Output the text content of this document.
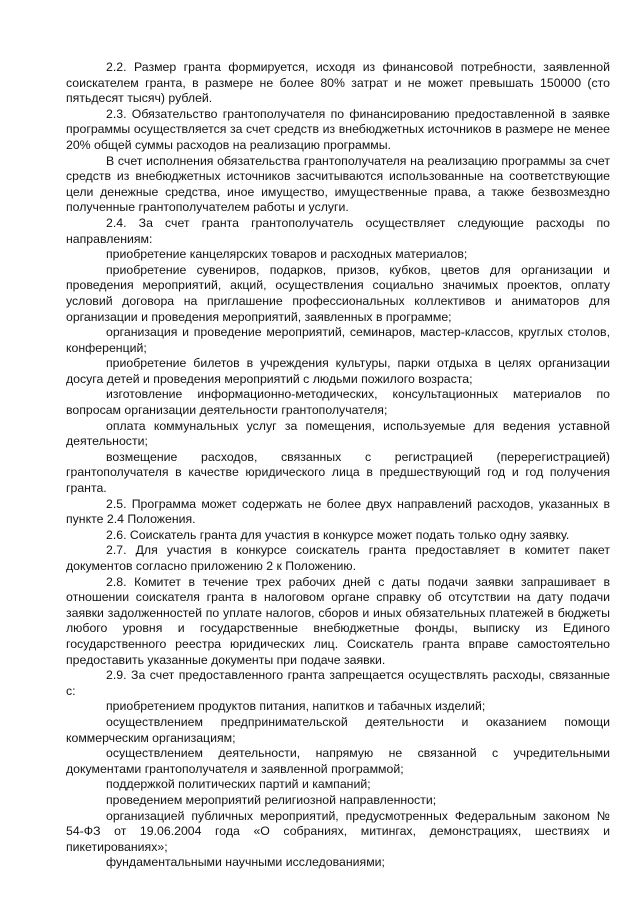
2.2. Размер гранта формируется, исходя из финансовой потребности, заявленной соискателем гранта, в размере не более 80% затрат и не может превышать 150000 (сто пятьдесят тысяч) рублей.

2.3. Обязательство грантополучателя по финансированию предоставленной в заявке программы осуществляется за счет средств из внебюджетных источников в размере не менее 20% общей суммы расходов на реализацию программы.

В счет исполнения обязательства грантополучателя на реализацию программы за счет средств из внебюджетных источников засчитываются использованные на соответствующие цели денежные средства, иное имущество, имущественные права, а также безвозмездно полученные грантополучателем работы и услуги.

2.4. За счет гранта грантополучатель осуществляет следующие расходы по направлениям:

приобретение канцелярских товаров и расходных материалов;

приобретение сувениров, подарков, призов, кубков, цветов для организации и проведения мероприятий, акций, осуществления социально значимых проектов, оплату условий договора на приглашение профессиональных коллективов и аниматоров для организации и проведения мероприятий, заявленных в программе;

организация и проведение мероприятий, семинаров, мастер-классов, круглых столов, конференций;

приобретение билетов в учреждения культуры, парки отдыха в целях организации досуга детей и проведения мероприятий с людьми пожилого возраста;

изготовление информационно-методических, консультационных материалов по вопросам организации деятельности грантополучателя;

оплата коммунальных услуг за помещения, используемые для ведения уставной деятельности;

возмещение расходов, связанных с регистрацией (перерегистрацией) грантополучателя в качестве юридического лица в предшествующий год и год получения гранта.

2.5. Программа может содержать не более двух направлений расходов, указанных в пункте 2.4 Положения.

2.6. Соискатель гранта для участия в конкурсе может подать только одну заявку.

2.7. Для участия в конкурсе соискатель гранта предоставляет в комитет пакет документов согласно приложению 2 к Положению.

2.8. Комитет в течение трех рабочих дней с даты подачи заявки запрашивает в отношении соискателя гранта в налоговом органе справку об отсутствии на дату подачи заявки задолженностей по уплате налогов, сборов и иных обязательных платежей в бюджеты любого уровня и государственные внебюджетные фонды, выписку из Единого государственного реестра юридических лиц. Соискатель гранта вправе самостоятельно предоставить указанные документы при подаче заявки.

2.9. За счет предоставленного гранта запрещается осуществлять расходы, связанные с:

приобретением продуктов питания, напитков и табачных изделий;

осуществлением предпринимательской деятельности и оказанием помощи коммерческим организациям;

осуществлением деятельности, напрямую не связанной с учредительными документами грантополучателя и заявленной программой;

поддержкой политических партий и кампаний;

проведением мероприятий религиозной направленности;

организацией публичных мероприятий, предусмотренных Федеральным законом № 54-ФЗ от 19.06.2004 года «О собраниях, митингах, демонстрациях, шествиях и пикетированиях»;

фундаментальными научными исследованиями;
